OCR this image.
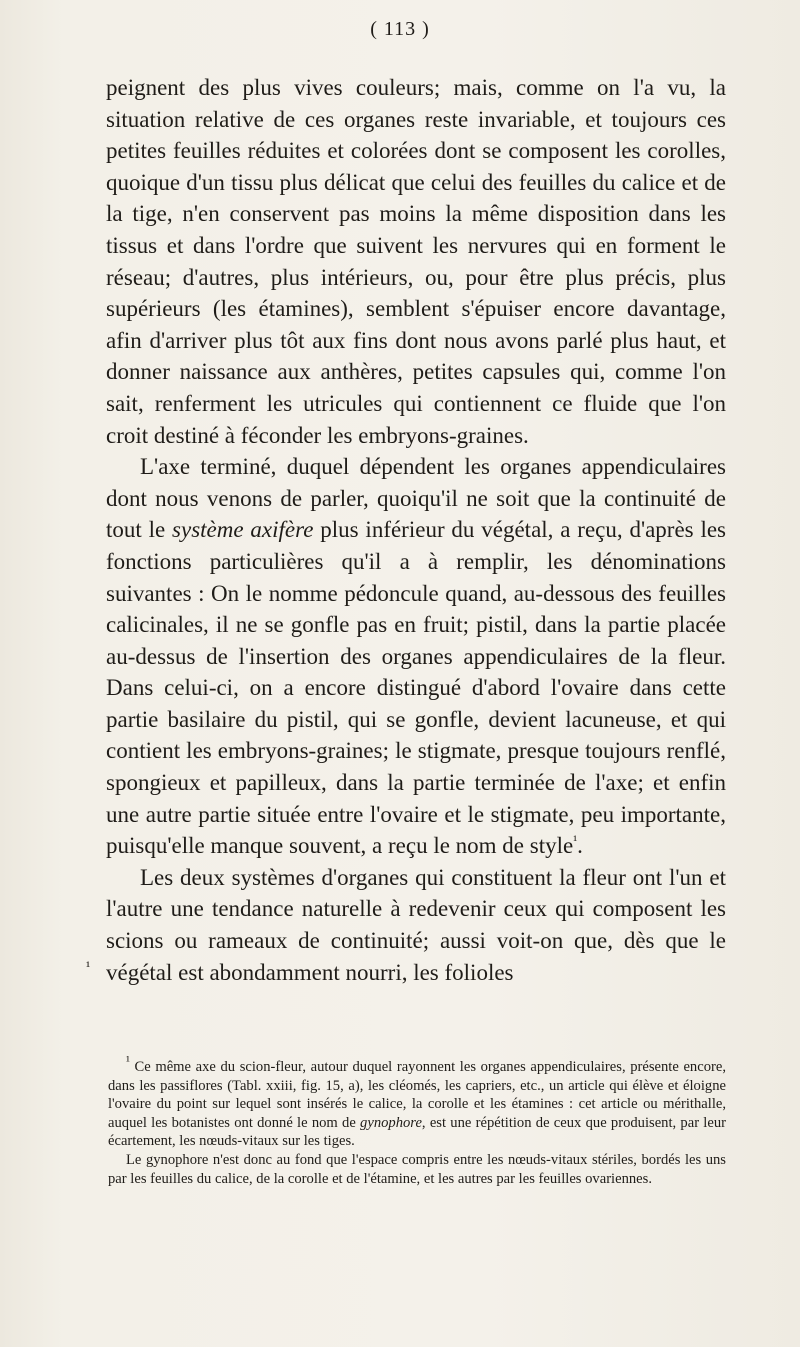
( 113 )

peignent des plus vives couleurs; mais, comme on l'a vu, la situation relative de ces organes reste invariable, et toujours ces petites feuilles réduites et colorées dont se composent les corolles, quoique d'un tissu plus délicat que celui des feuilles du calice et de la tige, n'en conservent pas moins la même disposition dans les tissus et dans l'ordre que suivent les nervures qui en forment le réseau; d'autres, plus intérieurs, ou, pour être plus précis, plus supérieurs (les étamines), semblent s'épuiser encore davantage, afin d'arriver plus tôt aux fins dont nous avons parlé plus haut, et donner naissance aux anthères, petites capsules qui, comme l'on sait, renferment les utricules qui contiennent ce fluide que l'on croit destiné à féconder les embryons-graines.

L'axe terminé, duquel dépendent les organes appendiculaires dont nous venons de parler, quoiqu'il ne soit que la continuité de tout le système axifère plus inférieur du végétal, a reçu, d'après les fonctions particulières qu'il a à remplir, les dénominations suivantes : On le nomme pédoncule quand, au-dessous des feuilles calicinales, il ne se gonfle pas en fruit; pistil, dans la partie placée au-dessus de l'insertion des organes appendiculaires de la fleur. Dans celui-ci, on a encore distingué d'abord l'ovaire dans cette partie basilaire du pistil, qui se gonfle, devient lacuneuse, et qui contient les embryons-graines; le stigmate, presque toujours renflé, spongieux et papilleux, dans la partie terminée de l'axe; et enfin une autre partie située entre l'ovaire et le stigmate, peu importante, puisqu'elle manque souvent, a reçu le nom de style$^{^1}$.

Les deux systèmes d'organes qui constituent la fleur ont l'un et l'autre une tendance naturelle à redevenir ceux qui composent les scions ou rameaux de continuité; aussi voit-on que, dès que le végétal est abondamment nourri, les folioles

¹

¹ Ce même axe du scion-fleur, autour duquel rayonnent les organes appendiculaires, présente encore, dans les passiflores (Tabl. xxiii, fig. 15, a), les cléomés, les capriers, etc., un article qui élève et éloigne l'ovaire du point sur lequel sont insérés le calice, la corolle et les étamines : cet article ou mérithalle, auquel les botanistes ont donné le nom de gynophore, est une répétition de ceux que produisent, par leur écartement, les nœuds-vitaux sur les tiges.

Le gynophore n'est donc au fond que l'espace compris entre les nœuds-vitaux stériles, bordés les uns par les feuilles du calice, de la corolle et de l'étamine, et les autres par les feuilles ovariennes.
